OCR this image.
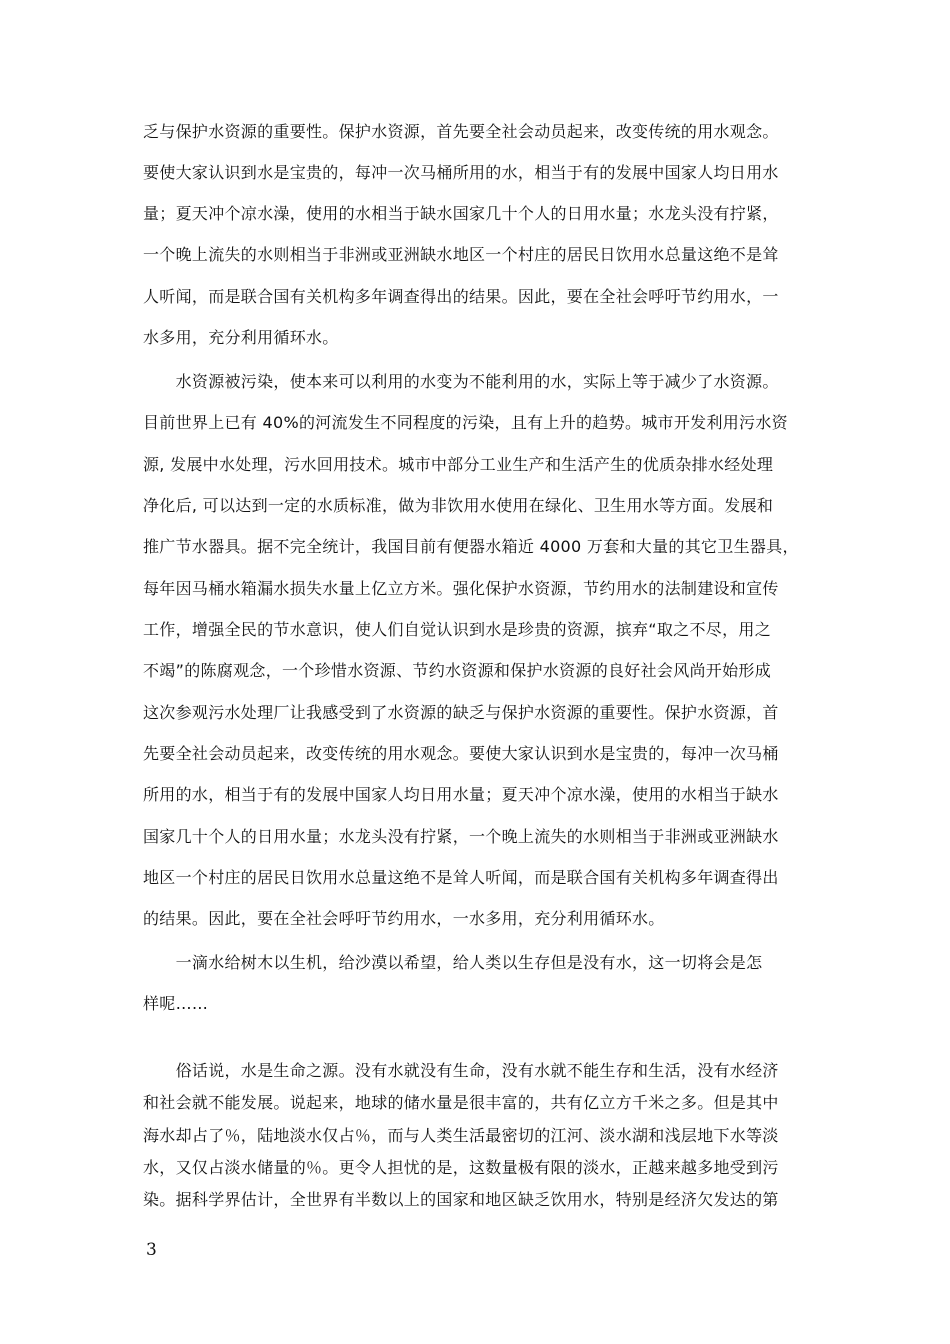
乏与保护水资源的重要性。保护水资源，首先要全社会动员起来，改变传统的用水观念。
要使大家认识到水是宝贵的，每冲一次马桶所用的水，相当于有的发展中国家人均日用水
量；夏天冲个凉水澡，使用的水相当于缺水国家几十个人的日用水量；水龙头没有拧紧，
一个晚上流失的水则相当于非洲或亚洲缺水地区一个村庄的居民日饮用水总量这绝不是耸
人听闻，而是联合国有关机构多年调查得出的结果。因此，要在全社会呼吁节约用水，一
水多用，充分利用循环水。
　　水资源被污染，使本来可以利用的水变为不能利用的水，实际上等于减少了水资源。
目前世界上已有 40%的河流发生不同程度的污染，且有上升的趋势。城市开发利用污水资
源, 发展中水处理，污水回用技术。城市中部分工业生产和生活产生的优质杂排水经处理
净化后, 可以达到一定的水质标准，做为非饮用水使用在绿化、卫生用水等方面。发展和
推广节水器具。据不完全统计，我国目前有便器水箱近 4000 万套和大量的其它卫生器具，
每年因马桶水箱漏水损失水量上亿立方米。强化保护水资源，节约用水的法制建设和宣传
工作，增强全民的节水意识，使人们自觉认识到水是珍贵的资源，摈弃“取之不尽，用之
不竭”的陈腐观念，一个珍惜水资源、节约水资源和保护水资源的良好社会风尚开始形成
这次参观污水处理厂让我感受到了水资源的缺乏与保护水资源的重要性。保护水资源，首
先要全社会动员起来，改变传统的用水观念。要使大家认识到水是宝贵的，每冲一次马桶
所用的水，相当于有的发展中国家人均日用水量；夏天冲个凉水澡，使用的水相当于缺水
国家几十个人的日用水量；水龙头没有拧紧，一个晚上流失的水则相当于非洲或亚洲缺水
地区一个村庄的居民日饮用水总量这绝不是耸人听闻，而是联合国有关机构多年调查得出
的结果。因此，要在全社会呼吁节约用水，一水多用，充分利用循环水。
　　一滴水给树木以生机，给沙漠以希望，给人类以生存但是没有水，这一切将会是怎
样呢……
　　俗话说，水是生命之源。没有水就没有生命，没有水就不能生存和生活，没有水经济
和社会就不能发展。说起来，地球的储水量是很丰富的，共有亿立方千米之多。但是其中
海水却占了％，陆地淡水仅占％，而与人类生活最密切的江河、淡水湖和浅层地下水等淡
水，又仅占淡水储量的％。更令人担忧的是，这数量极有限的淡水，正越来越多地受到污
染。据科学界估计，全世界有半数以上的国家和地区缺乏饮用水，特别是经济欠发达的第
3
